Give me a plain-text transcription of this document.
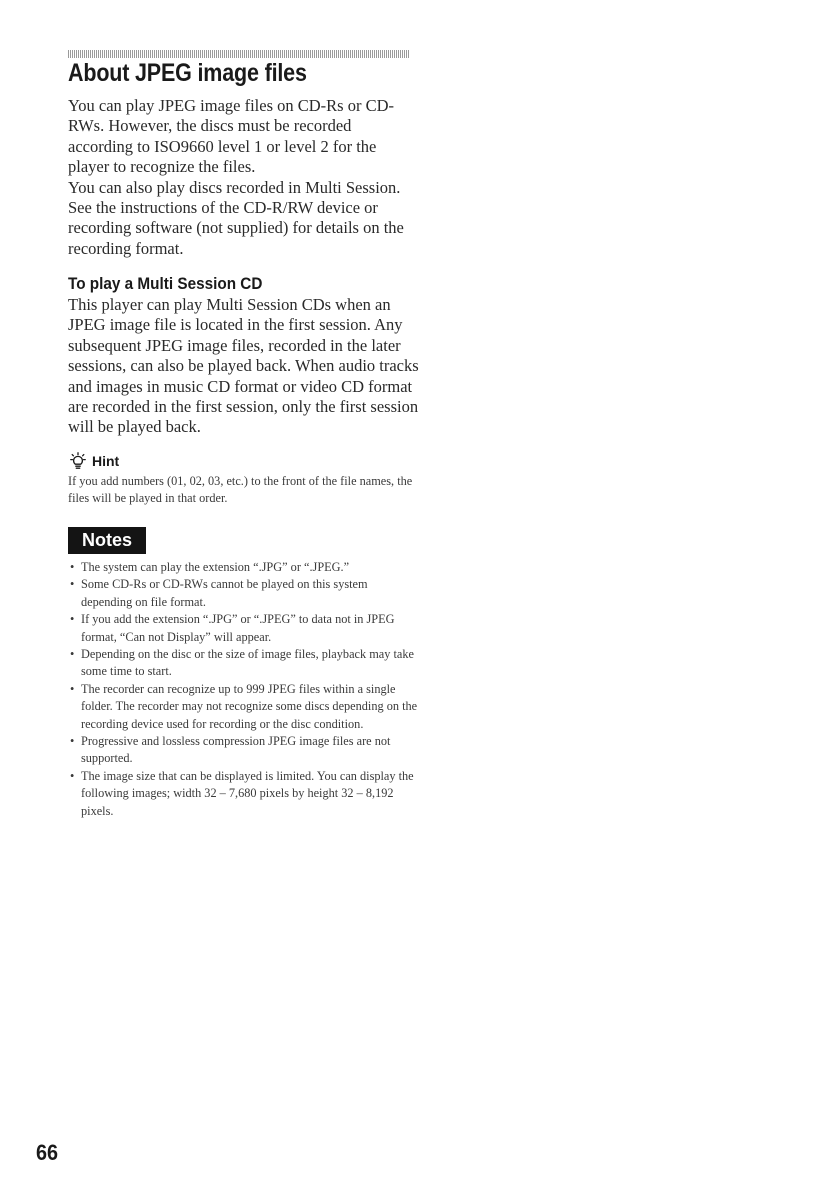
About JPEG image files

You can play JPEG image files on CD-Rs or CD-RWs. However, the discs must be recorded according to ISO9660 level 1 or level 2 for the player to recognize the files.

You can also play discs recorded in Multi Session. See the instructions of the CD-R/RW device or recording software (not supplied) for details on the recording format.

To play a Multi Session CD

This player can play Multi Session CDs when an JPEG image file is located in the first session. Any subsequent JPEG image files, recorded in the later sessions, can also be played back. When audio tracks and images in music CD format or video CD format are recorded in the first session, only the first session will be played back.

Hint

If you add numbers (01, 02, 03, etc.) to the front of the file names, the files will be played in that order.

Notes
• The system can play the extension “.JPG” or “.JPEG.”
• Some CD-Rs or CD-RWs cannot be played on this system depending on file format.
• If you add the extension “.JPG” or “.JPEG” to data not in JPEG format, “Can not Display” will appear.
• Depending on the disc or the size of image files, playback may take some time to start.
• The recorder can recognize up to 999 JPEG files within a single folder. The recorder may not recognize some discs depending on the recording device used for recording or the disc condition.
• Progressive and lossless compression JPEG image files are not supported.
• The image size that can be displayed is limited. You can display the following images; width 32 – 7,680 pixels by height 32 – 8,192 pixels.
66
